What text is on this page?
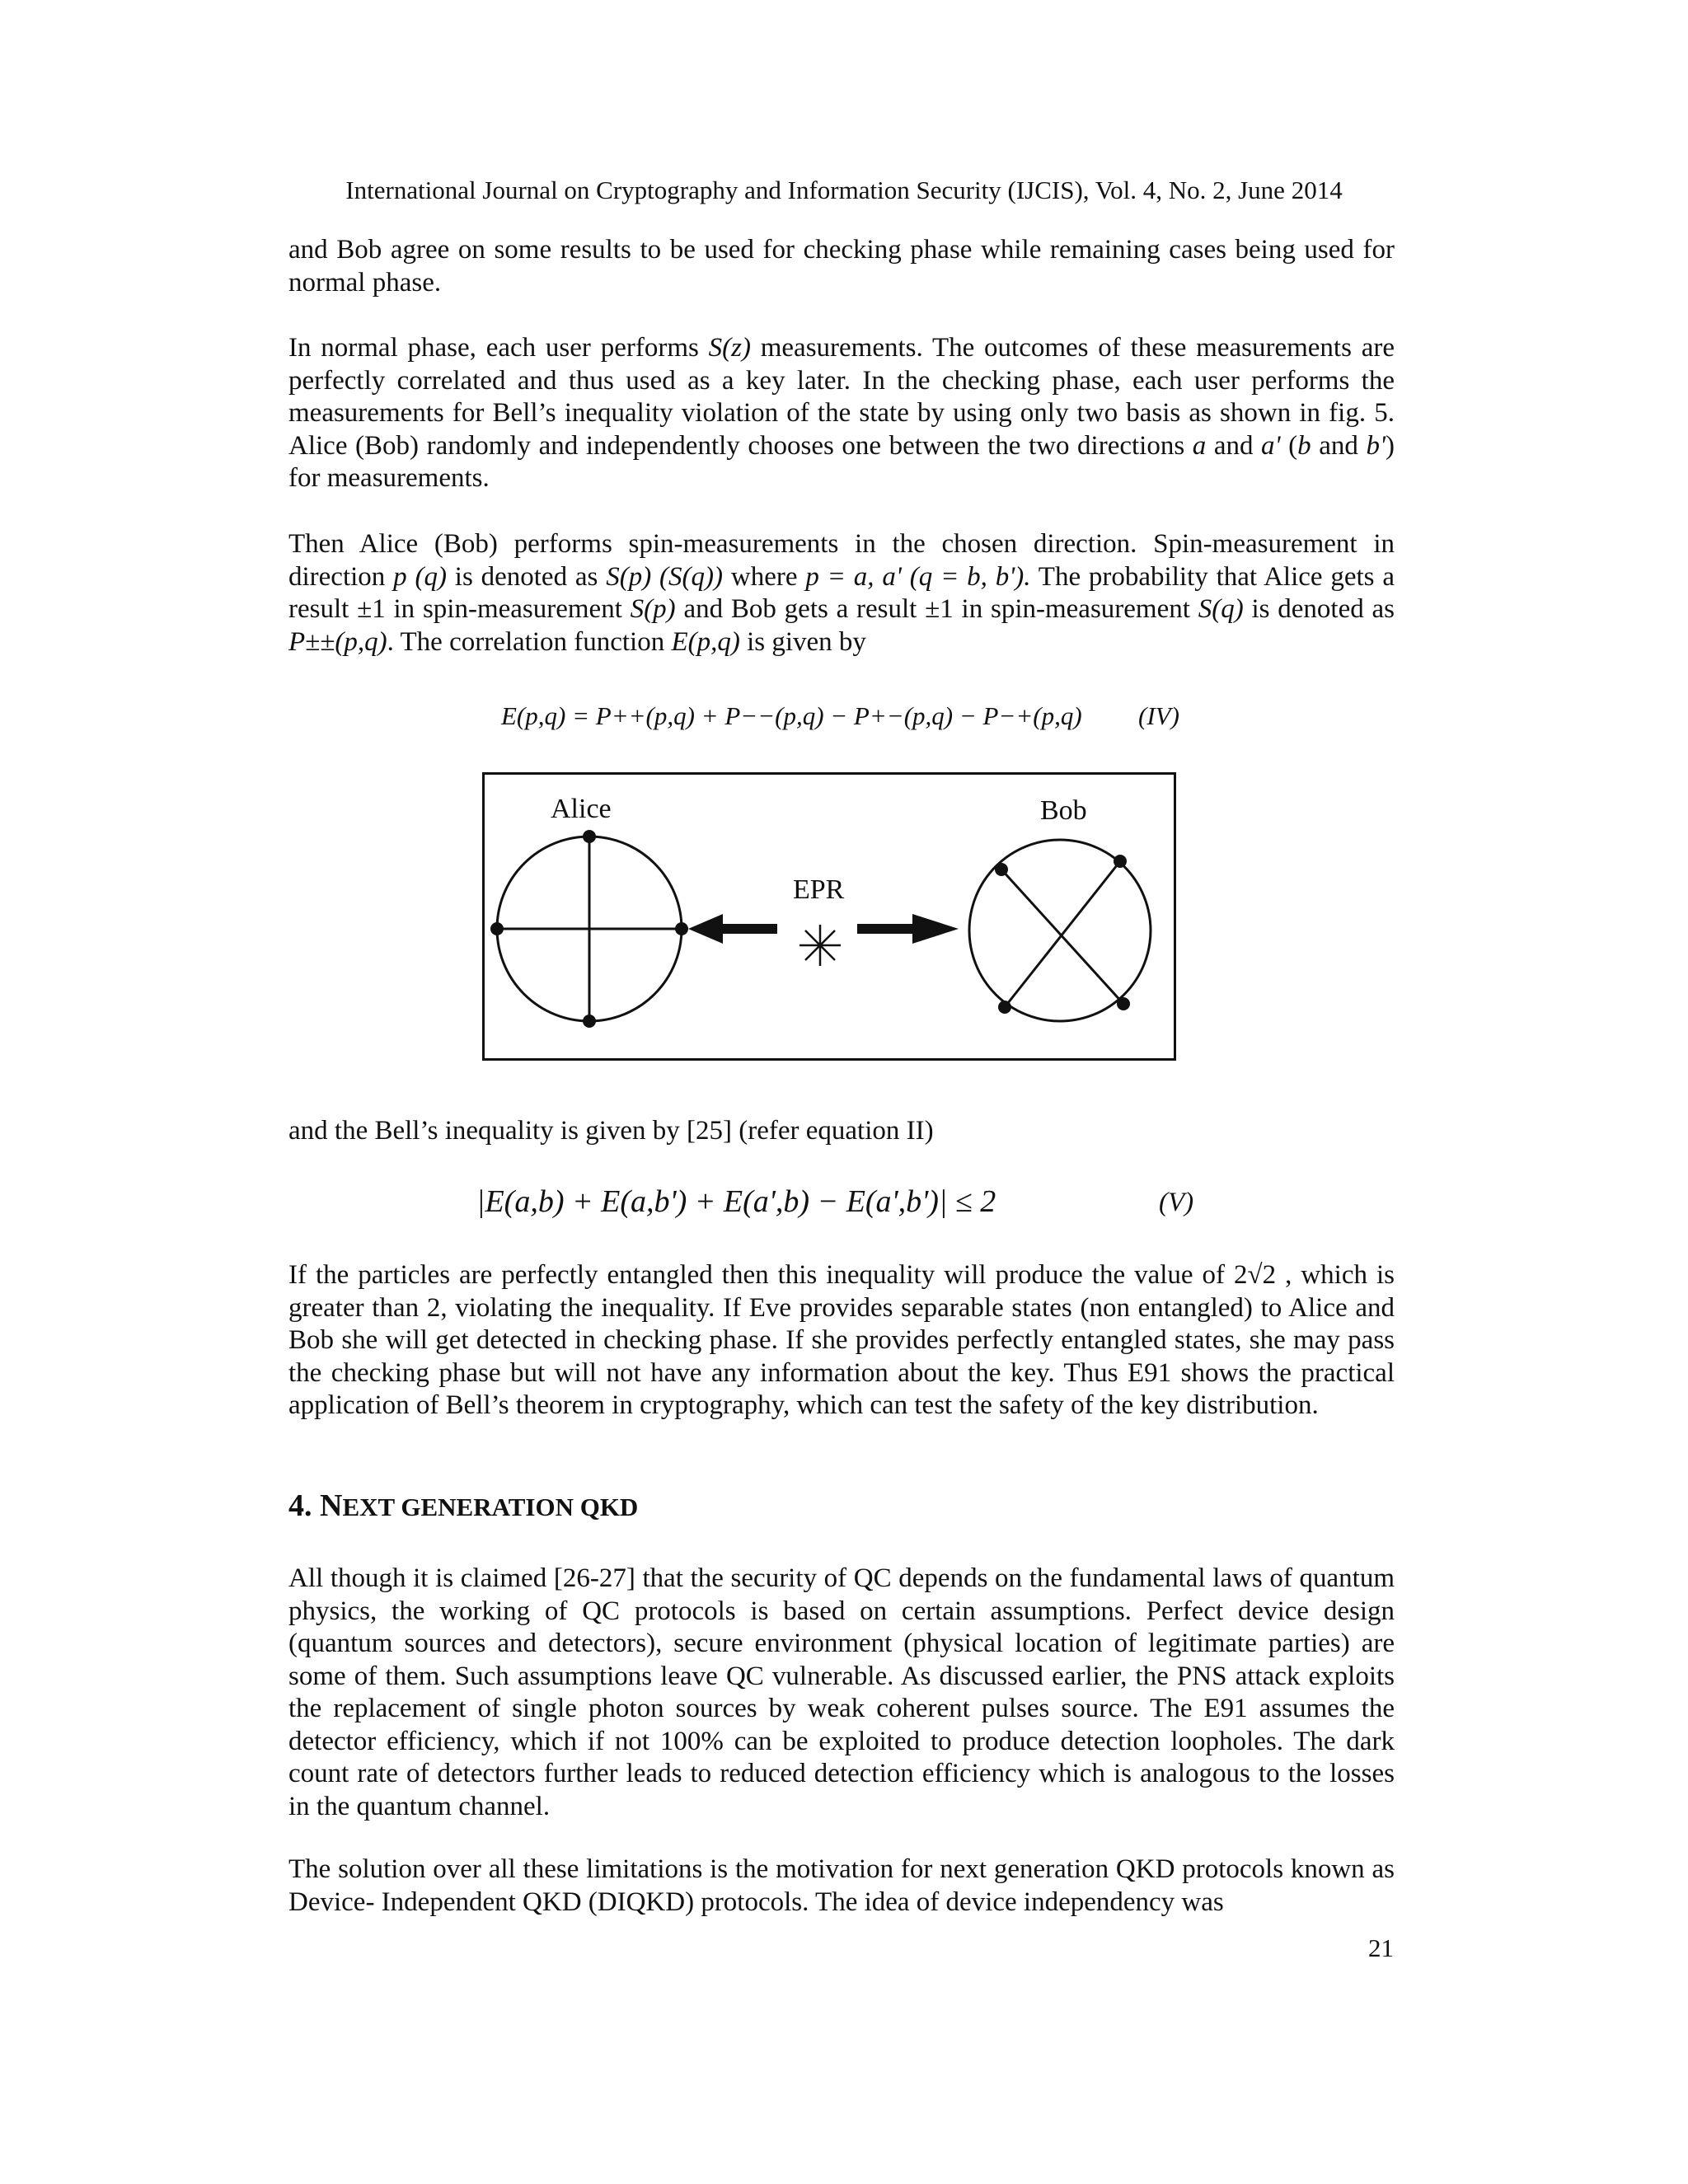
International Journal on Cryptography and Information Security (IJCIS), Vol. 4, No. 2, June 2014

and Bob agree on some results to be used for checking phase while remaining cases being used for normal phase.

In normal phase, each user performs S(z) measurements. The outcomes of these measurements are perfectly correlated and thus used as a key later. In the checking phase, each user performs the measurements for Bell’s inequality violation of the state by using only two basis as shown in fig. 5. Alice (Bob) randomly and independently chooses one between the two directions a and a' (b and b') for measurements.

Then Alice (Bob) performs spin-measurements in the chosen direction. Spin-measurement in direction p (q) is denoted as S(p) (S(q)) where p = a, a' (q = b, b'). The probability that Alice gets a result ±1 in spin-measurement S(p) and Bob gets a result ±1 in spin-measurement S(q) is denoted as P±±(p,q). The correlation function E(p,q) is given by

E(p,q) = P++(p,q) + P−−(p,q) − P+−(p,q) − P−+(p,q) (IV)
Alice	Bob
EPR

and the Bell’s inequality is given by [25] (refer equation II)

|E(a,b) + E(a,b') + E(a',b) − E(a',b')| ≤ 2	(V)

If the particles are perfectly entangled then this inequality will produce the value of 2√2 , which is greater than 2, violating the inequality. If Eve provides separable states (non entangled) to Alice and Bob she will get detected in checking phase. If she provides perfectly entangled states, she may pass the checking phase but will not have any information about the key. Thus E91 shows the practical application of Bell’s theorem in cryptography, which can test the safety of the key distribution.

4. NEXT GENERATION QKD

All though it is claimed [26-27] that the security of QC depends on the fundamental laws of quantum physics, the working of QC protocols is based on certain assumptions. Perfect device design (quantum sources and detectors), secure environment (physical location of legitimate parties) are some of them. Such assumptions leave QC vulnerable. As discussed earlier, the PNS attack exploits the replacement of single photon sources by weak coherent pulses source. The E91 assumes the detector efficiency, which if not 100% can be exploited to produce detection loopholes. The dark count rate of detectors further leads to reduced detection efficiency which is analogous to the losses in the quantum channel.

The solution over all these limitations is the motivation for next generation QKD protocols known as Device- Independent QKD (DIQKD) protocols. The idea of device independency was

21
